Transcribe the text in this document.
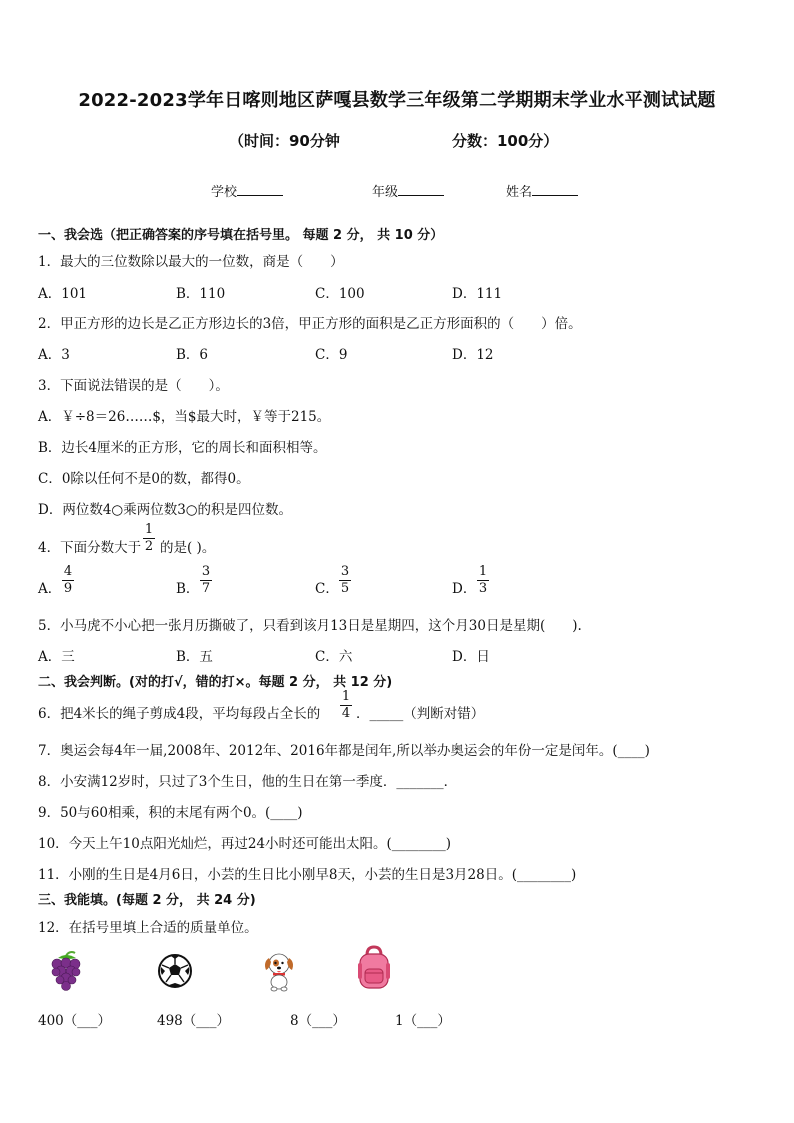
2022-2023学年日喀则地区萨嘎县数学三年级第二学期期末学业水平测试试题
（时间：90分钟	分数：100分）
学校	年级	姓名
一、我会选（把正确答案的序号填在括号里。 每题 2 分， 共 10 分）
1．最大的三位数除以最大的一位数，商是（　　）
A．101	B．110	C．100	D．111
2．甲正方形的边长是乙正方形边长的3倍，甲正方形的面积是乙正方形面积的（　　）倍。
A．3	B．6	C．9	D．12
3．下面说法错误的是（　　）。
A．￥÷8＝26……$，当$最大时，￥等于215。
B．边长4厘米的正方形，它的周长和面积相等。
C．0除以任何不是0的数，都得0。
D．两位数4○乘两位数3○的积是四位数。
4．下面分数大于
1
2 的是( )。
A．
4
9	B．
3
7	C．
3
5	D．
1
3
5．小马虎不小心把一张月历撕破了，只看到该月13日是星期四，这个月30日是星期(　　).
A．三	B．五	C．六	D．日
二、我会判断。(对的打√，错的打×。每题 2 分， 共 12 分)
6．把4米长的绳子剪成4段，平均每段占全长的
1
4 ．_____（判断对错）
7．奥运会每4年一届,2008年、2012年、2016年都是闰年,所以举办奥运会的年份一定是闰年。(____)
8．小安满12岁时，只过了3个生日，他的生日在第一季度．_______．
9．50与60相乘，积的末尾有两个0。(____)
10．今天上午10点阳光灿烂，再过24小时还可能出太阳。(________)
11．小刚的生日是4月6日，小芸的生日比小刚早8天，小芸的生日是3月28日。(________)
三、我能填。(每题 2 分， 共 24 分)
12．在括号里填上合适的质量单位。
400（___）	498（___）	8（___）	1（___）
